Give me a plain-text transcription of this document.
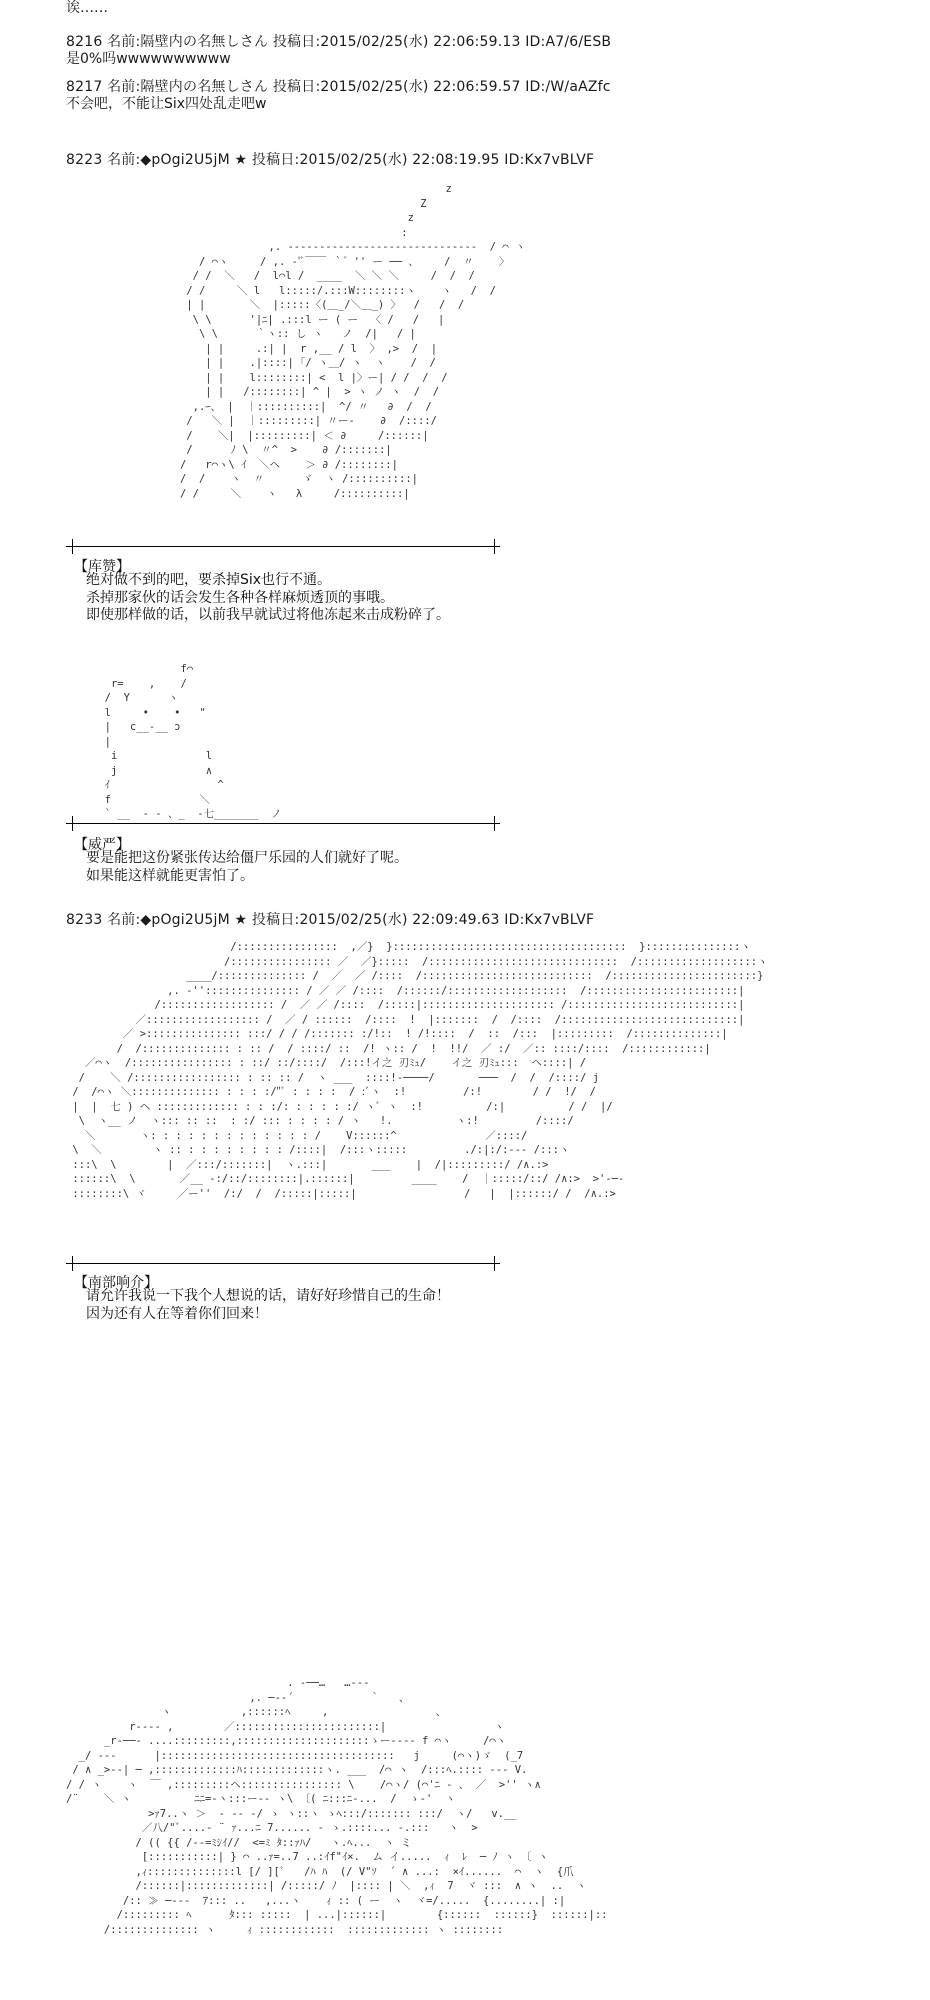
诶……
8216 名前:隔壁内の名無しさん 投稿日:2015/02/25(水) 22:06:59.13 ID:A7/6/ESB
是0%吗wwwwwwwwww
8217 名前:隔壁内の名無しさん 投稿日:2015/02/25(水) 22:06:59.57 ID:/W/aAZfc
不会吧，不能让Six四处乱走吧w
8223 名前:◆pOgi2U5jM ★ 投稿日:2015/02/25(水) 22:08:19.95 ID:Kx7vBLVF
z
Z
z
:
,. ------------------------------  / ⌒ ヽ
/ ⌒ヽ     / ,. ‐'ﾞ￣￣ ｀゛'' ー ── 、    /  〃    〉
/ /  ＼   /  l⌒l /  ____  ＼ ＼ ＼     /  /  /
/ /     ＼ l   l:::::/.:::W::::::::ヽ    ヽ   /  /
| |       ＼  |:::::〈(＿_/＼＿_) 〉  /   /  /
\ \      '|ﾆ| .:::l ー ( ー  〈 /   /   |
\ \      ｀ヽ:: し ヽ   ノ  /|   / |
| |     .:| |  r ,__ / l  〉 ,>  /  |
| |    .|::::| ｢/ ヽ＿/ ヽ  ヽ    /  /
| |    l::::::::| <  l |〉ー| / /  /  /
| |   /::::::::| ^ |  > ヽ ノ ヽ  /  /
,.ｰ、 |  ｜::::::::::|  ^/ 〃   ∂  /  /
/   ＼ |  ｜:::::::::| 〃ー‐    ∂  /::::/
/    ＼|  |:::::::::| ＜ ∂     /::::::|
/      ﾉ \  〃^  >    ∂ /:::::::|
/   r⌒ヽ\ ｲ  ＼ヘ    ＞ ∂ /::::::::|
/  /    ヽ  〃      ゞ  ヽ /::::::::::|
/ /     ＼    ヽ   λ     /::::::::::|
【库赞】
绝对做不到的吧，要杀掉Six也行不通。
杀掉那家伙的话会发生各种各样麻烦透顶的事哦。
即使那样做的话，以前我早就试过将他冻起来击成粉碎了。
f⌒
r=    ,    /
/  Y      ヽ
l     •    •   "
|   c__-__ ɔ
|
i              l
j              ∧
ｲ                 ^
f              ＼
` __  ‐ ‐ 、_  ‐七_______  ノ
【威严】
要是能把这份紧张传达给僵尸乐园的人们就好了呢。
如果能这样就能更害怕了。
8233 名前:◆pOgi2U5jM ★ 投稿日:2015/02/25(水) 22:09:49.63 ID:Kx7vBLVF
/::::::::::::::::  ,／}  }:::::::::::::::::::::::::::::::::::::  }:::::::::::::::ヽ
/:::::::::::::::: ／  ／}:::::  /::::::::::::::::::::::::::::::  /:::::::::::::::::::ヽ
____/:::::::::::::: /  ／  ／ /::::  /:::::::::::::::::::::::::::  /:::::::::::::::::::::::}
,. ‐''::::::::::::::: / ／ ／ /::::  /::::::/:::::::::::::::::::  /::::::::::::::::::::::::|
/:::::::::::::::::: /  ／ ／ /::::  /:::::|::::::::::::::::::::: /:::::::::::::::::::::::::::|
／:::::::::::::::::: /  ／ / ::::::  /::::  !  |:::::::  /  /::::  /::::::::::::::::::::::::::::|
／ >::::::::::::::: :::/ / / /::::::: :/!::  ! /!::::  /  ::  /:::  |:::::::::  /::::::::::::::|
/  /:::::::::::::: : :: /  / ::::/ ::  /! ヽ:: /  !  !!/  ／ :/  ／:: ::::/::::  /::::::::::::|
／⌒ヽ  /:::::::::::::::: : ::/ ::/::::/  /:::!イ之 刃ﾐｭ/    イ之 刃ﾐｭ:::  ヘ::::| /
/    ＼ /::::::::::::::::: : :: :: /  ヽ ___  ::::!‐────/       ───  /  /  /::::/ j
/  /⌒ヽ ＼:::::::::::::: : : : :/"ﾞ : : : :  / :ﾞヽ  :!         /:!        / /  !/  /
|  |  七 ) ヘ ::::::::::::: : : :/: : : : : :/ ヽﾞ ヽ  :!          /:|          / /  |/
\  ヽ__ ノ  ヽ::: :: ::  : :/ ::: : : : : / ヽ   !.          ヽ:!         /::::/
＼       ヽ: : : : : : : : : : : : : /    V::::::^              ／::::/
\  ＼        ヽ :: : : : : : : : : /::::|  /:::ヽ:::::         ./:|:/:‐‐‐ /:::ヽ
:::\  \        |  ／:::/:::::::|  ヽ.:::|       ___    |  /|:::::::::/ /∧.:>
::::::\  \       ／__ -:/::/::::::::|.::::::|         ____    /  ｜:::::/::/ /∧:>  >'‐─‐
::::::::\ ヾ     ／ー''  /:/  /  /:::::|:::::|                 /   |  |::::::/ /  /∧.:>
【南部响介】
请允许我说一下我个人想说的话，请好好珍惜自己的生命！
因为还有人在等着你们回来！
. ‐──…   …-‐-
,. ─‐-´            ｀   、
ヽ           ,::::::ﾍ     ,                 、
r--‐‐ ,        ／:::::::::::::::::::::::|                 ヽ
_r‐──‐ ....:::::::::,:::::::::::::::::::::ゝー---‐ f ⌒ヽ     /⌒ヽ
_/ ‐‐‐      |:::::::::::::::::::::::::::::::::::::   j     (⌒ヽ)ゞ  (_7
/ ∧ _>‐‐| ─ ,:::::::::::::ﾊ:::::::::::::ヽ. ___  /⌒ ヽ  /:::ﾍ.:::: --‐ V.
/ / ヽ    ヽ  ￣ ,:::::::::ヘ:::::::::::::::: \    /⌒ヽ/ (⌒'ﾆ ‐ 、 ／  >'' ヽ∧
/¨    ＼ ヽ          ﾆﾆ=‐ヽ:::ー‐‐ ヽ\ 〔( ﾆ:::ﾆ‐...  /  ゝ‐'  ヽ
>ｧ7..ヽ ＞  ‐ ‐‐ ‐/ ゝ ヽ::ヽ ゝﾍ:::/::::::: :::/  ヽ/   v.__
／八/"ﾞ....‐ ¨ ｧ...ﾆ 7...... ‐ ゝ.::::... ‐.:::   ヽ  >
/ (( {{ /‐‐=ﾐｼｲ//  <=ﾐ ﾀ::ｧﾊ/   ヽ.ﾍ...  ヽ ミ
[:::::::::::| } ⌒ ..ｧ=..7 ..:ｲf"ｲ×.  ム イ.....  ｨ  ﾚ  ─ ﾉ ヽ 〔 ヽ
,ｨ::::::::::::::l [/ ][ﾞ   /ﾊ ﾊ  (/ V"ｿ  ´ ∧ ...:  ×ｲ......  ⌒  ヽ  {爪
/::::::|:::::::::::::| /:::::/ ﾉ  |:::: | ＼  ,ｨ  7  ヾ :::  ∧ ヽ  ..  ヽ
/:: ≫ ─‐‐‐  ｱ::: ..   ,...ヽ    ｨ :: ( ー  ヽ  ヾ=/.....  {........| :|
/::::::::: ﾍ      ﾀ::: :::::  | ...|::::::|        {::::::  ::::::}  ::::::|::
/:::::::::::::: ヽ     ｨ ::::::::::::  ::::::::::::: ヽ ::::::::
